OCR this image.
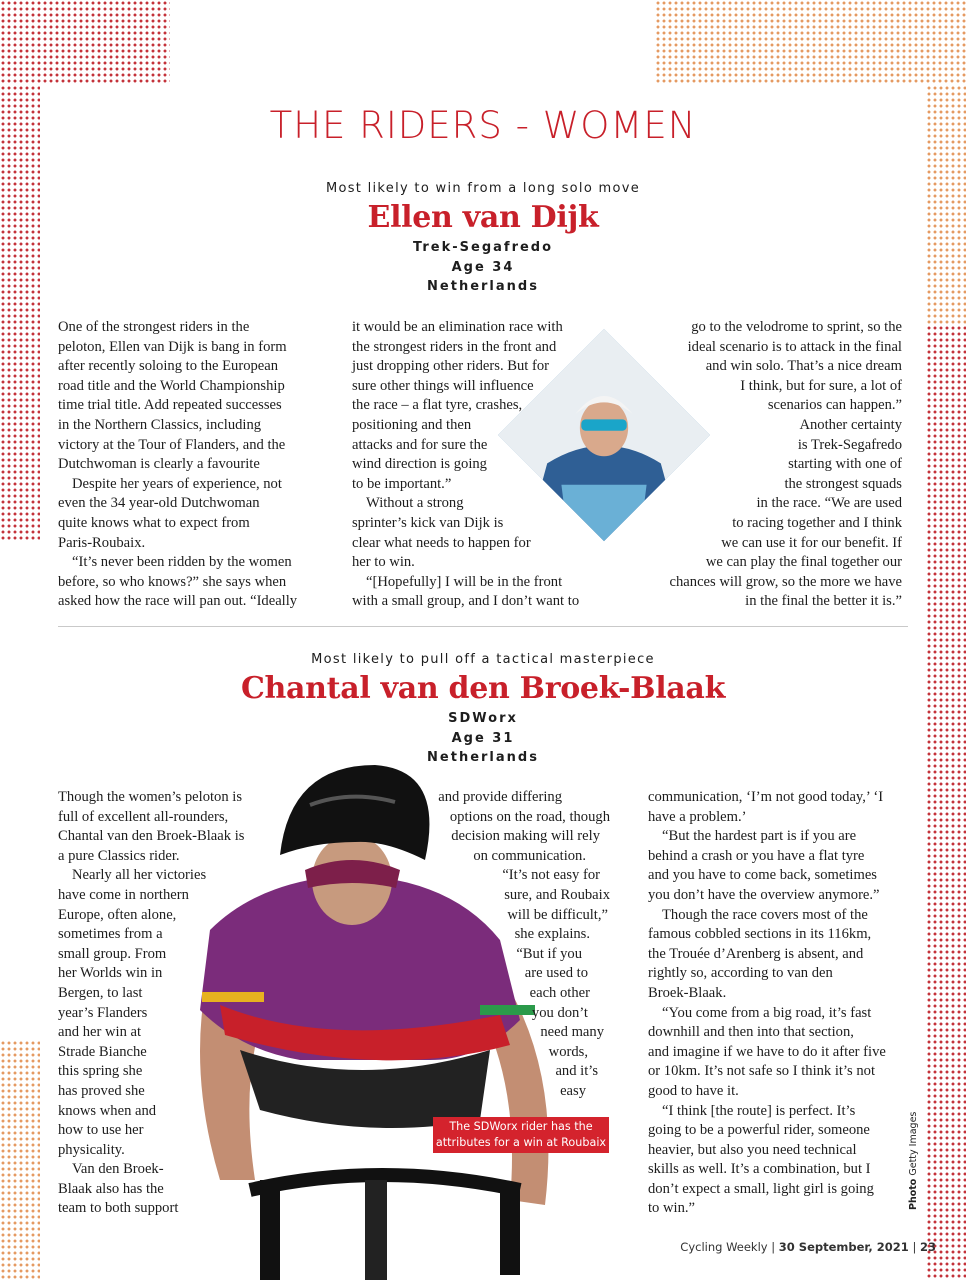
THE RIDERS - WOMEN
Most likely to win from a long solo move
Ellen van Dijk
Trek-Segafredo
Age 34
Netherlands

One of the strongest riders in the
peloton, Ellen van Dijk is bang in form
after recently soloing to the European
road title and the World Championship
time trial title. Add repeated successes
in the Northern Classics, including
victory at the Tour of Flanders, and the
Dutchwoman is clearly a favourite

Despite her years of experience, not
even the 34 year-old Dutchwoman
quite knows what to expect from
Paris-Roubaix.

“It’s never been ridden by the women
before, so who knows?” she says when
asked how the race will pan out. “Ideally

it would be an elimination race with
the strongest riders in the front and
just dropping other riders. But for
sure other things will influence
the race – a flat tyre, crashes,
positioning and then
attacks and for sure the
wind direction is going
to be important.”

Without a strong
sprinter’s kick van Dijk is
clear what needs to happen for
her to win.

“[Hopefully] I will be in the front
with a small group, and I don’t want to

go to the velodrome to sprint, so the
ideal scenario is to attack in the final
and win solo. That’s a nice dream
I think, but for sure, a lot of
scenarios can happen.”

Another certainty
is Trek-Segafredo
starting with one of
the strongest squads
in the race. “We are used
to racing together and I think
we can use it for our benefit. If
we can play the final together our
chances will grow, so the more we have
in the final the better it is.”

Most likely to pull off a tactical masterpiece
Chantal van den Broek-Blaak
SDWorx
Age 31
Netherlands

Though the women’s peloton is
full of excellent all-rounders,
Chantal van den Broek-Blaak is
a pure Classics rider.

Nearly all her victories
have come in northern
Europe, often alone,
sometimes from a
small group. From
her Worlds win in
Bergen, to last
year’s Flanders
and her win at
Strade Bianche
this spring she
has proved she
knows when and
how to use her
physicality.

Van den Broek-
Blaak also has the
team to both support

and provide differing
options on the road, though
decision making will rely
on communication.

“It’s not easy for
sure, and Roubaix
will be difficult,”
she explains.

“But if you
are used to
each other
you don’t
need many
words,
and it’s
easy

communication, ‘I’m not good today,’ ‘I
have a problem.’

“But the hardest part is if you are
behind a crash or you have a flat tyre
and you have to come back, sometimes
you don’t have the overview anymore.”

Though the race covers most of the
famous cobbled sections in its 116km,
the Trouée d’Arenberg is absent, and
rightly so, according to van den
Broek-Blaak.

“You come from a big road, it’s fast
downhill and then into that section,
and imagine if we have to do it after five
or 10km. It’s not safe so I think it’s not
good to have it.

“I think [the route] is perfect. It’s
going to be a powerful rider, someone
heavier, but also you need technical
skills as well. It’s a combination, but I
don’t expect a small, light girl is going
to win.”

The SDWorx rider has the
attributes for a win at Roubaix
Photo Getty Images
Cycling Weekly | 30 September, 2021 | 23
